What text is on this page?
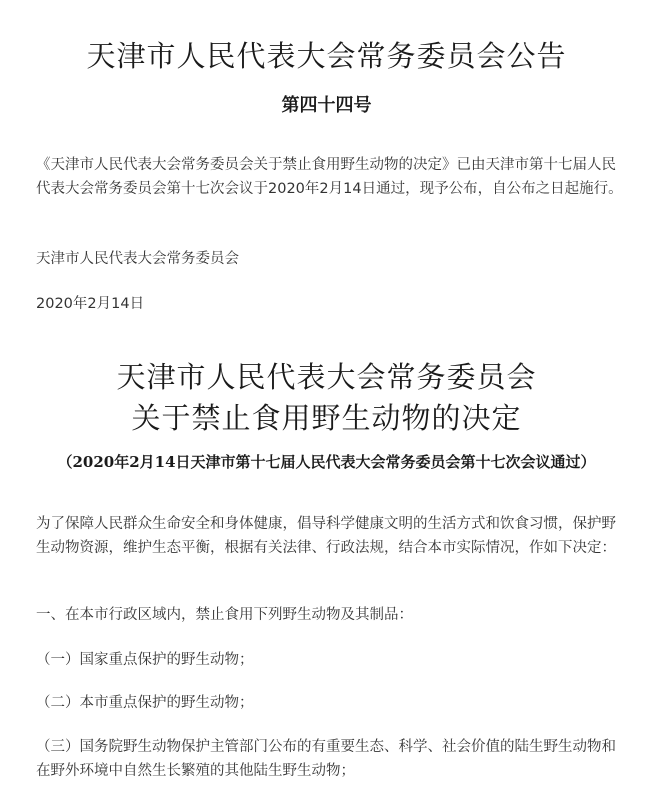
天津市人民代表大会常务委员会公告
第四十四号
《天津市人民代表大会常务委员会关于禁止食用野生动物的决定》已由天津市第十七届人民代表大会常务委员会第十七次会议于2020年2月14日通过，现予公布，自公布之日起施行。
天津市人民代表大会常务委员会
2020年2月14日
天津市人民代表大会常务委员会
关于禁止食用野生动物的决定
（2020年2月14日天津市第十七届人民代表大会常务委员会第十七次会议通过）
为了保障人民群众生命安全和身体健康，倡导科学健康文明的生活方式和饮食习惯，保护野生动物资源，维护生态平衡，根据有关法律、行政法规，结合本市实际情况，作如下决定：
一、在本市行政区域内，禁止食用下列野生动物及其制品：
（一）国家重点保护的野生动物；
（二）本市重点保护的野生动物；
（三）国务院野生动物保护主管部门公布的有重要生态、科学、社会价值的陆生野生动物和在野外环境中自然生长繁殖的其他陆生野生动物；
